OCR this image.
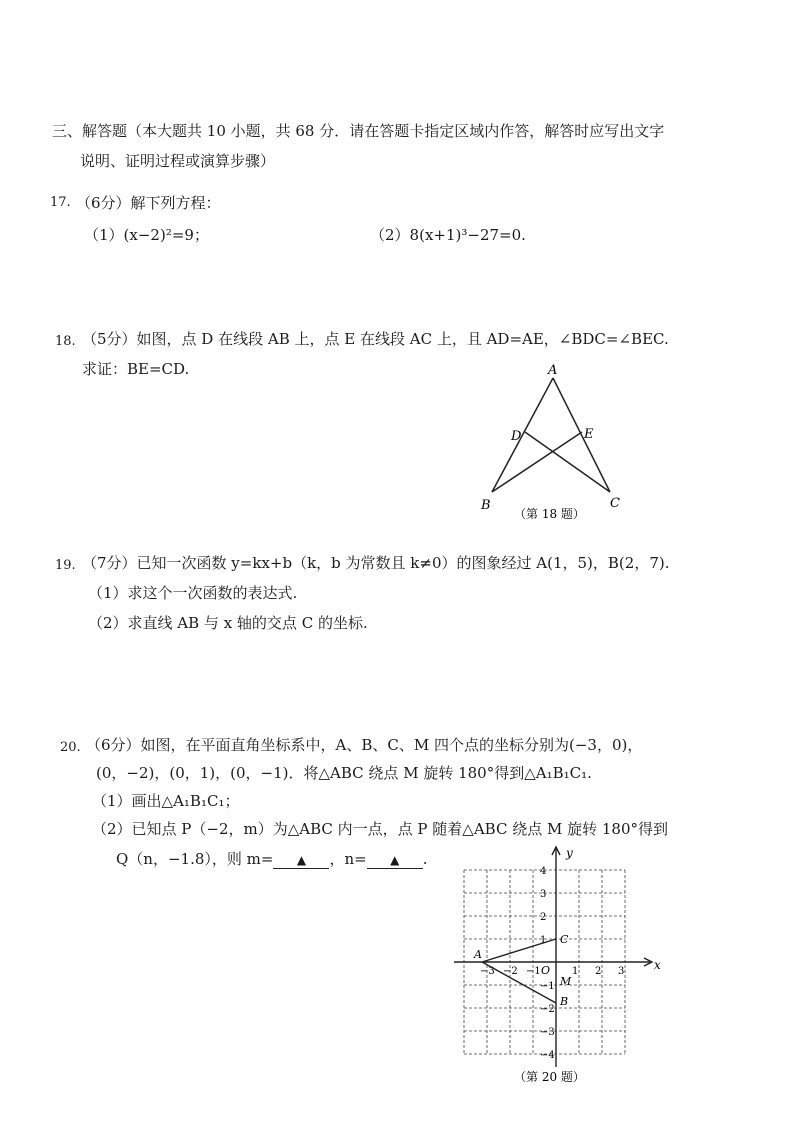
三、解答题（本大题共 10 小题，共 68 分．请在答题卡指定区域内作答，解答时应写出文字
说明、证明过程或演算步骤）
17. （6分）解下列方程：
（1）(x−2)²=9；	（2）8(x+1)³−27=0.
18. （5分）如图，点 D 在线段 AB 上，点 E 在线段 AC 上，且 AD=AE，∠BDC=∠BEC.
求证：BE=CD.	A
D	E
B	C
（第 18 题）
19. （7分）已知一次函数 y=kx+b（k，b 为常数且 k≠0）的图象经过 A(1，5)，B(2，7).
（1）求这个一次函数的表达式.
（2）求直线 AB 与 x 轴的交点 C 的坐标.
20. （6分）如图，在平面直角坐标系中，A、B、C、M 四个点的坐标分别为(−3，0)，
(0，−2)，(0，1)，(0，−1)．将△ABC 绕点 M 旋转 180°得到△A₁B₁C₁.
（1）画出△A₁B₁C₁；
（2）已知点 P（−2，m）为△ABC 内一点，点 P 随着△ABC 绕点 M 旋转 180°得到
Q（n，−1.8），则 m= ▲ ，n= ▲ .
x
y
O
−3 −2 −1	1 2 3
4
3
2
1
−1
−2
−3
−4
A
B
C
M
（第 20 题）
